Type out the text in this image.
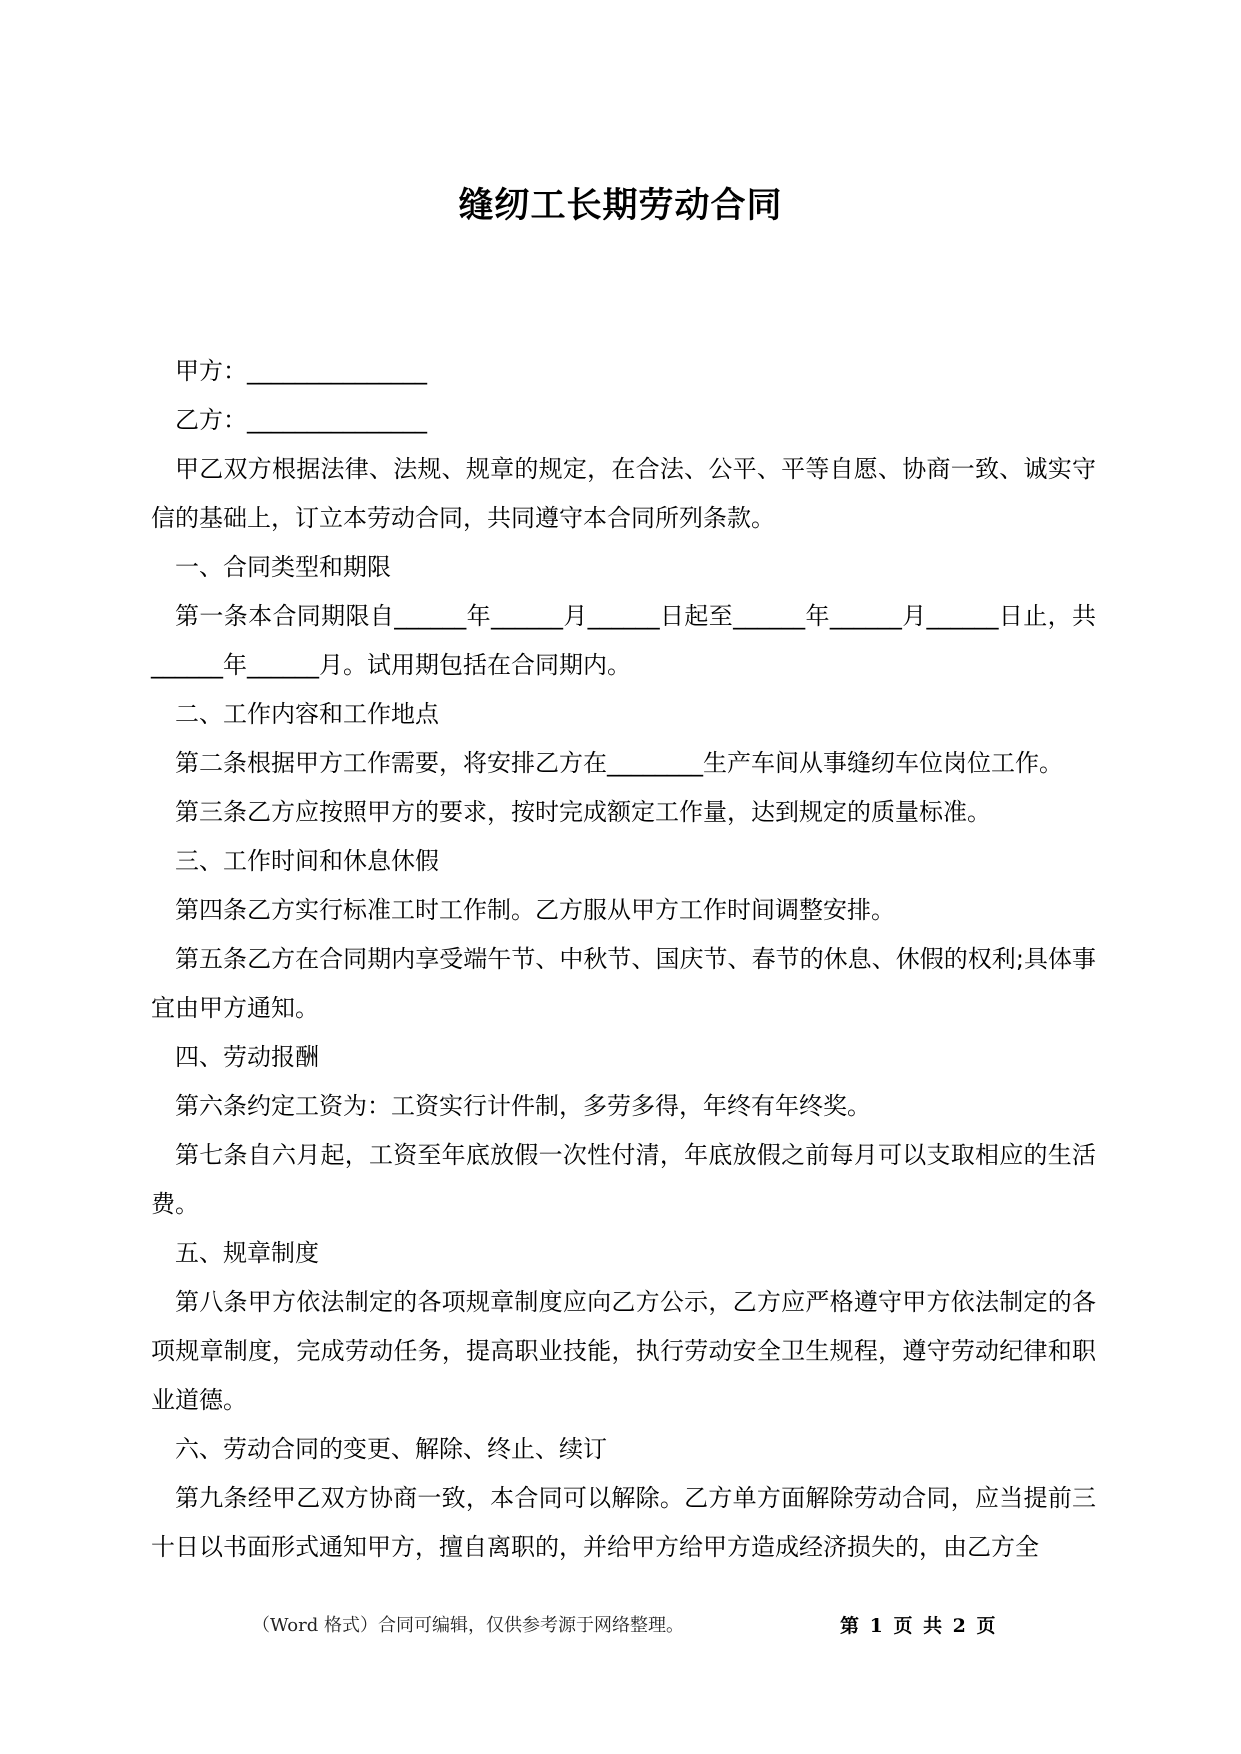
缝纫工长期劳动合同

甲方：_______________

乙方：_______________

甲乙双方根据法律、法规、规章的规定，在合法、公平、平等自愿、协商一致、诚实守信的基础上，订立本劳动合同，共同遵守本合同所列条款。

一、合同类型和期限

第一条本合同期限自______年______月______日起至______年______月______日止，共______年______月。试用期包括在合同期内。

二、工作内容和工作地点

第二条根据甲方工作需要，将安排乙方在________生产车间从事缝纫车位岗位工作。

第三条乙方应按照甲方的要求，按时完成额定工作量，达到规定的质量标准。

三、工作时间和休息休假

第四条乙方实行标准工时工作制。乙方服从甲方工作时间调整安排。

第五条乙方在合同期内享受端午节、中秋节、国庆节、春节的休息、休假的权利;具体事宜由甲方通知。

四、劳动报酬

第六条约定工资为：工资实行计件制，多劳多得，年终有年终奖。

第七条自六月起，工资至年底放假一次性付清，年底放假之前每月可以支取相应的生活费。

五、规章制度

第八条甲方依法制定的各项规章制度应向乙方公示，乙方应严格遵守甲方依法制定的各项规章制度，完成劳动任务，提高职业技能，执行劳动安全卫生规程，遵守劳动纪律和职业道德。

六、劳动合同的变更、解除、终止、续订

第九条经甲乙双方协商一致，本合同可以解除。乙方单方面解除劳动合同，应当提前三十日以书面形式通知甲方，擅自离职的，并给甲方给甲方造成经济损失的，由乙方全

（Word 格式）合同可编辑，仅供参考源于网络整理。	第 1 页 共 2 页
